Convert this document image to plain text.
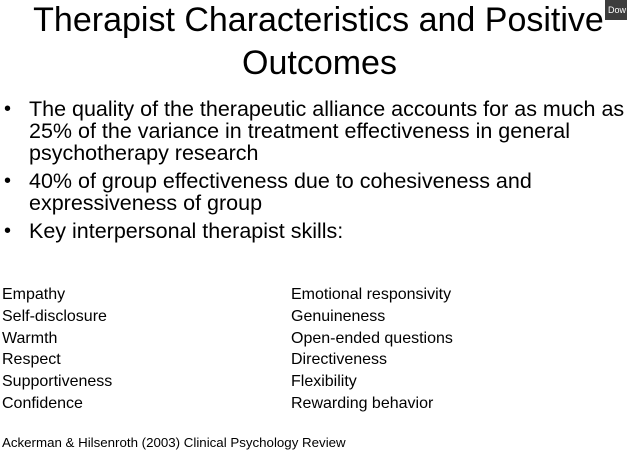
Therapist Characteristics and Positive
Outcomes
• The quality of the therapeutic alliance accounts for as much as 25% of the variance in treatment effectiveness in general psychotherapy research
• 40% of group effectiveness due to cohesiveness and expressiveness of group
• Key interpersonal therapist skills:
Empathy
Self-disclosure
Warmth
Respect
Supportiveness
Confidence
Emotional responsivity
Genuineness
Open-ended questions
Directiveness
Flexibility
Rewarding behavior
Ackerman & Hilsenroth (2003) Clinical Psychology Review
Dow
